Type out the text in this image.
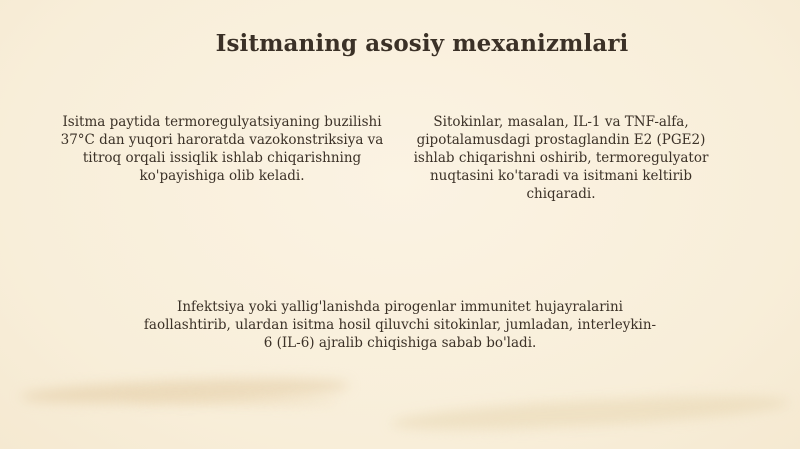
Isitmaning asosiy mexanizmlari

Isitma paytida termoregulyatsiyaning buzilishi 37°C dan yuqori haroratda vazokonstriksiya va titroq orqali issiqlik ishlab chiqarishning ko'payishiga olib keladi.

Sitokinlar, masalan, IL-1 va TNF-alfa, gipotalamusdagi prostaglandin E2 (PGE2) ishlab chiqarishni oshirib, termoregulyator nuqtasini ko'taradi va isitmani keltirib chiqaradi.

Infektsiya yoki yallig'lanishda pirogenlar immunitet hujayralarini faollashtirib, ulardan isitma hosil qiluvchi sitokinlar, jumladan, interleykin-6 (IL-6) ajralib chiqishiga sabab bo'ladi.
